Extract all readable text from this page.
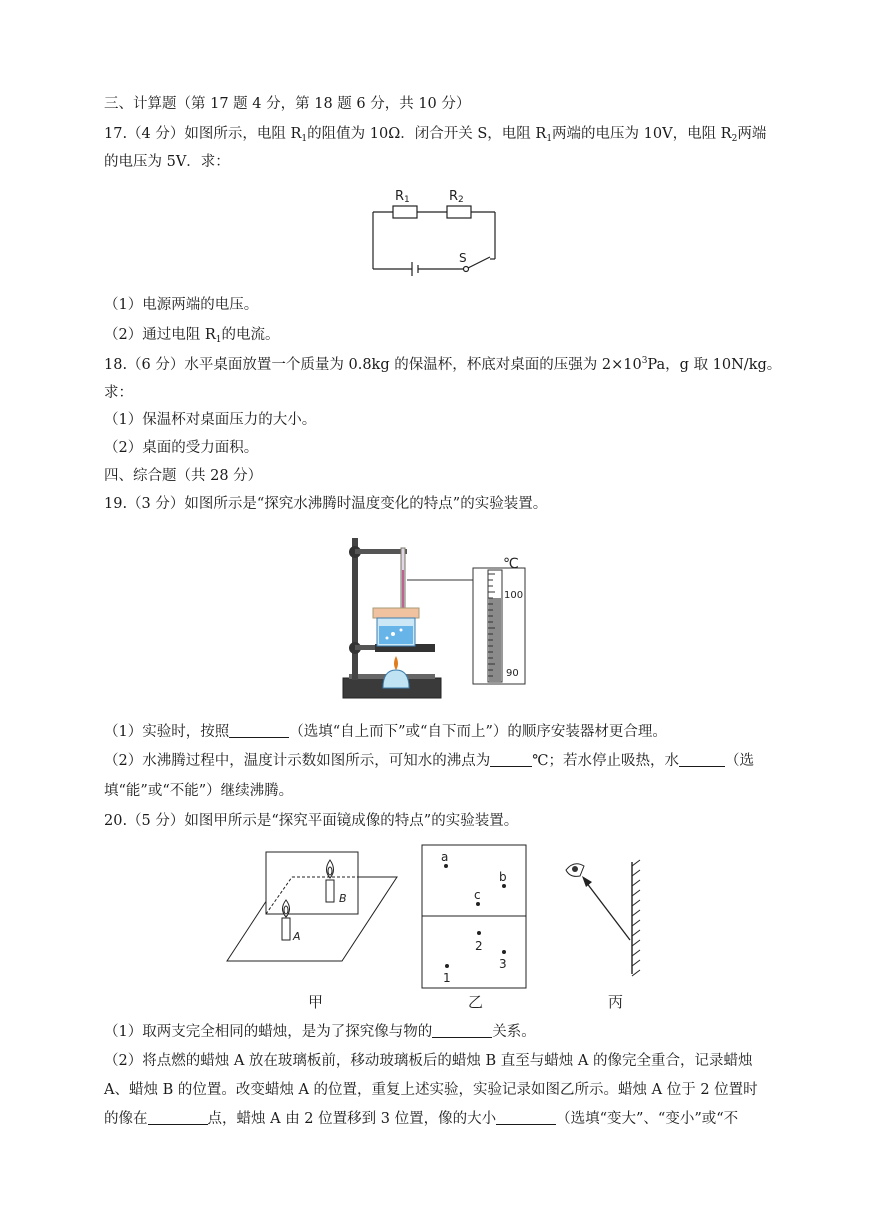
三、计算题（第 17 题 4 分，第 18 题 6 分，共 10 分）
17.（4 分）如图所示，电阻 $R_1$的阻值为 10Ω．闭合开关 S，电阻 $R_1$两端的电压为 10V，电阻 $R_2$两端
的电压为 5V．求：
R1	R2
S
（1）电源两端的电压。
（2）通过电阻 $R_1$的电流。
18.（6 分）水平桌面放置一个质量为 0.8kg 的保温杯，杯底对桌面的压强为 $2\times 10^3Pa$，g 取 10N/kg。
求：
（1）保温杯对桌面压力的大小。
（2）桌面的受力面积。
四、综合题（共 28 分）
19.（3 分）如图所示是“探究水沸腾时温度变化的特点”的实验装置。
℃
100
90
（1）实验时，按照	（选填“自上而下”或“自下而上”）的顺序安装器材更合理。
（2）水沸腾过程中，温度计示数如图所示，可知水的沸点为	℃；若水停止吸热，水	（选
填“能”或“不能”）继续沸腾。
20.（5 分）如图甲所示是“探究平面镜成像的特点”的实验装置。
B
A
甲
a
b
c
2
3
1
乙	丙
（1）取两支完全相同的蜡烛，是为了探究像与物的	关系。
（2）将点燃的蜡烛 A 放在玻璃板前，移动玻璃板后的蜡烛 B 直至与蜡烛 A 的像完全重合，记录蜡烛
A、蜡烛 B 的位置。改变蜡烛 A 的位置，重复上述实验，实验记录如图乙所示。蜡烛 A 位于 2 位置时
的像在	点，蜡烛 A 由 2 位置移到 3 位置，像的大小	（选填“变大”、“变小”或“不
